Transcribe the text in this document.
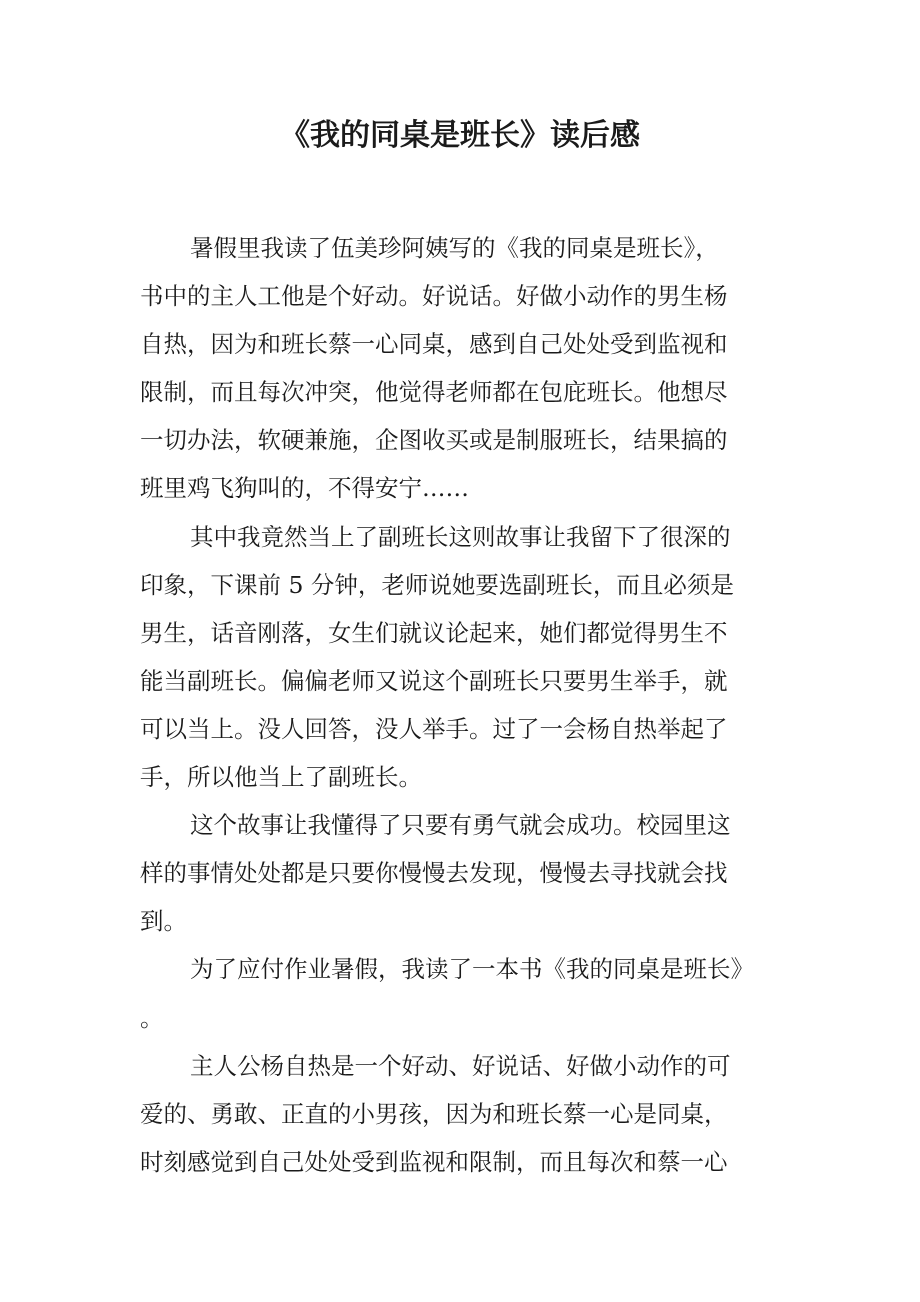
《我的同桌是班长》读后感
暑假里我读了伍美珍阿姨写的《我的同桌是班长》，
书中的主人工他是个好动。好说话。好做小动作的男生杨
自热，因为和班长蔡一心同桌，感到自己处处受到监视和
限制，而且每次冲突，他觉得老师都在包庇班长。他想尽
一切办法，软硬兼施，企图收买或是制服班长，结果搞的
班里鸡飞狗叫的，不得安宁……
其中我竟然当上了副班长这则故事让我留下了很深的
印象，下课前 5 分钟，老师说她要选副班长，而且必须是
男生，话音刚落，女生们就议论起来，她们都觉得男生不
能当副班长。偏偏老师又说这个副班长只要男生举手，就
可以当上。没人回答，没人举手。过了一会杨自热举起了
手，所以他当上了副班长。
这个故事让我懂得了只要有勇气就会成功。校园里这
样的事情处处都是只要你慢慢去发现，慢慢去寻找就会找
到。
为了应付作业暑假，我读了一本书《我的同桌是班长》
。
主人公杨自热是一个好动、好说话、好做小动作的可
爱的、勇敢、正直的小男孩，因为和班长蔡一心是同桌，
时刻感觉到自己处处受到监视和限制，而且每次和蔡一心
